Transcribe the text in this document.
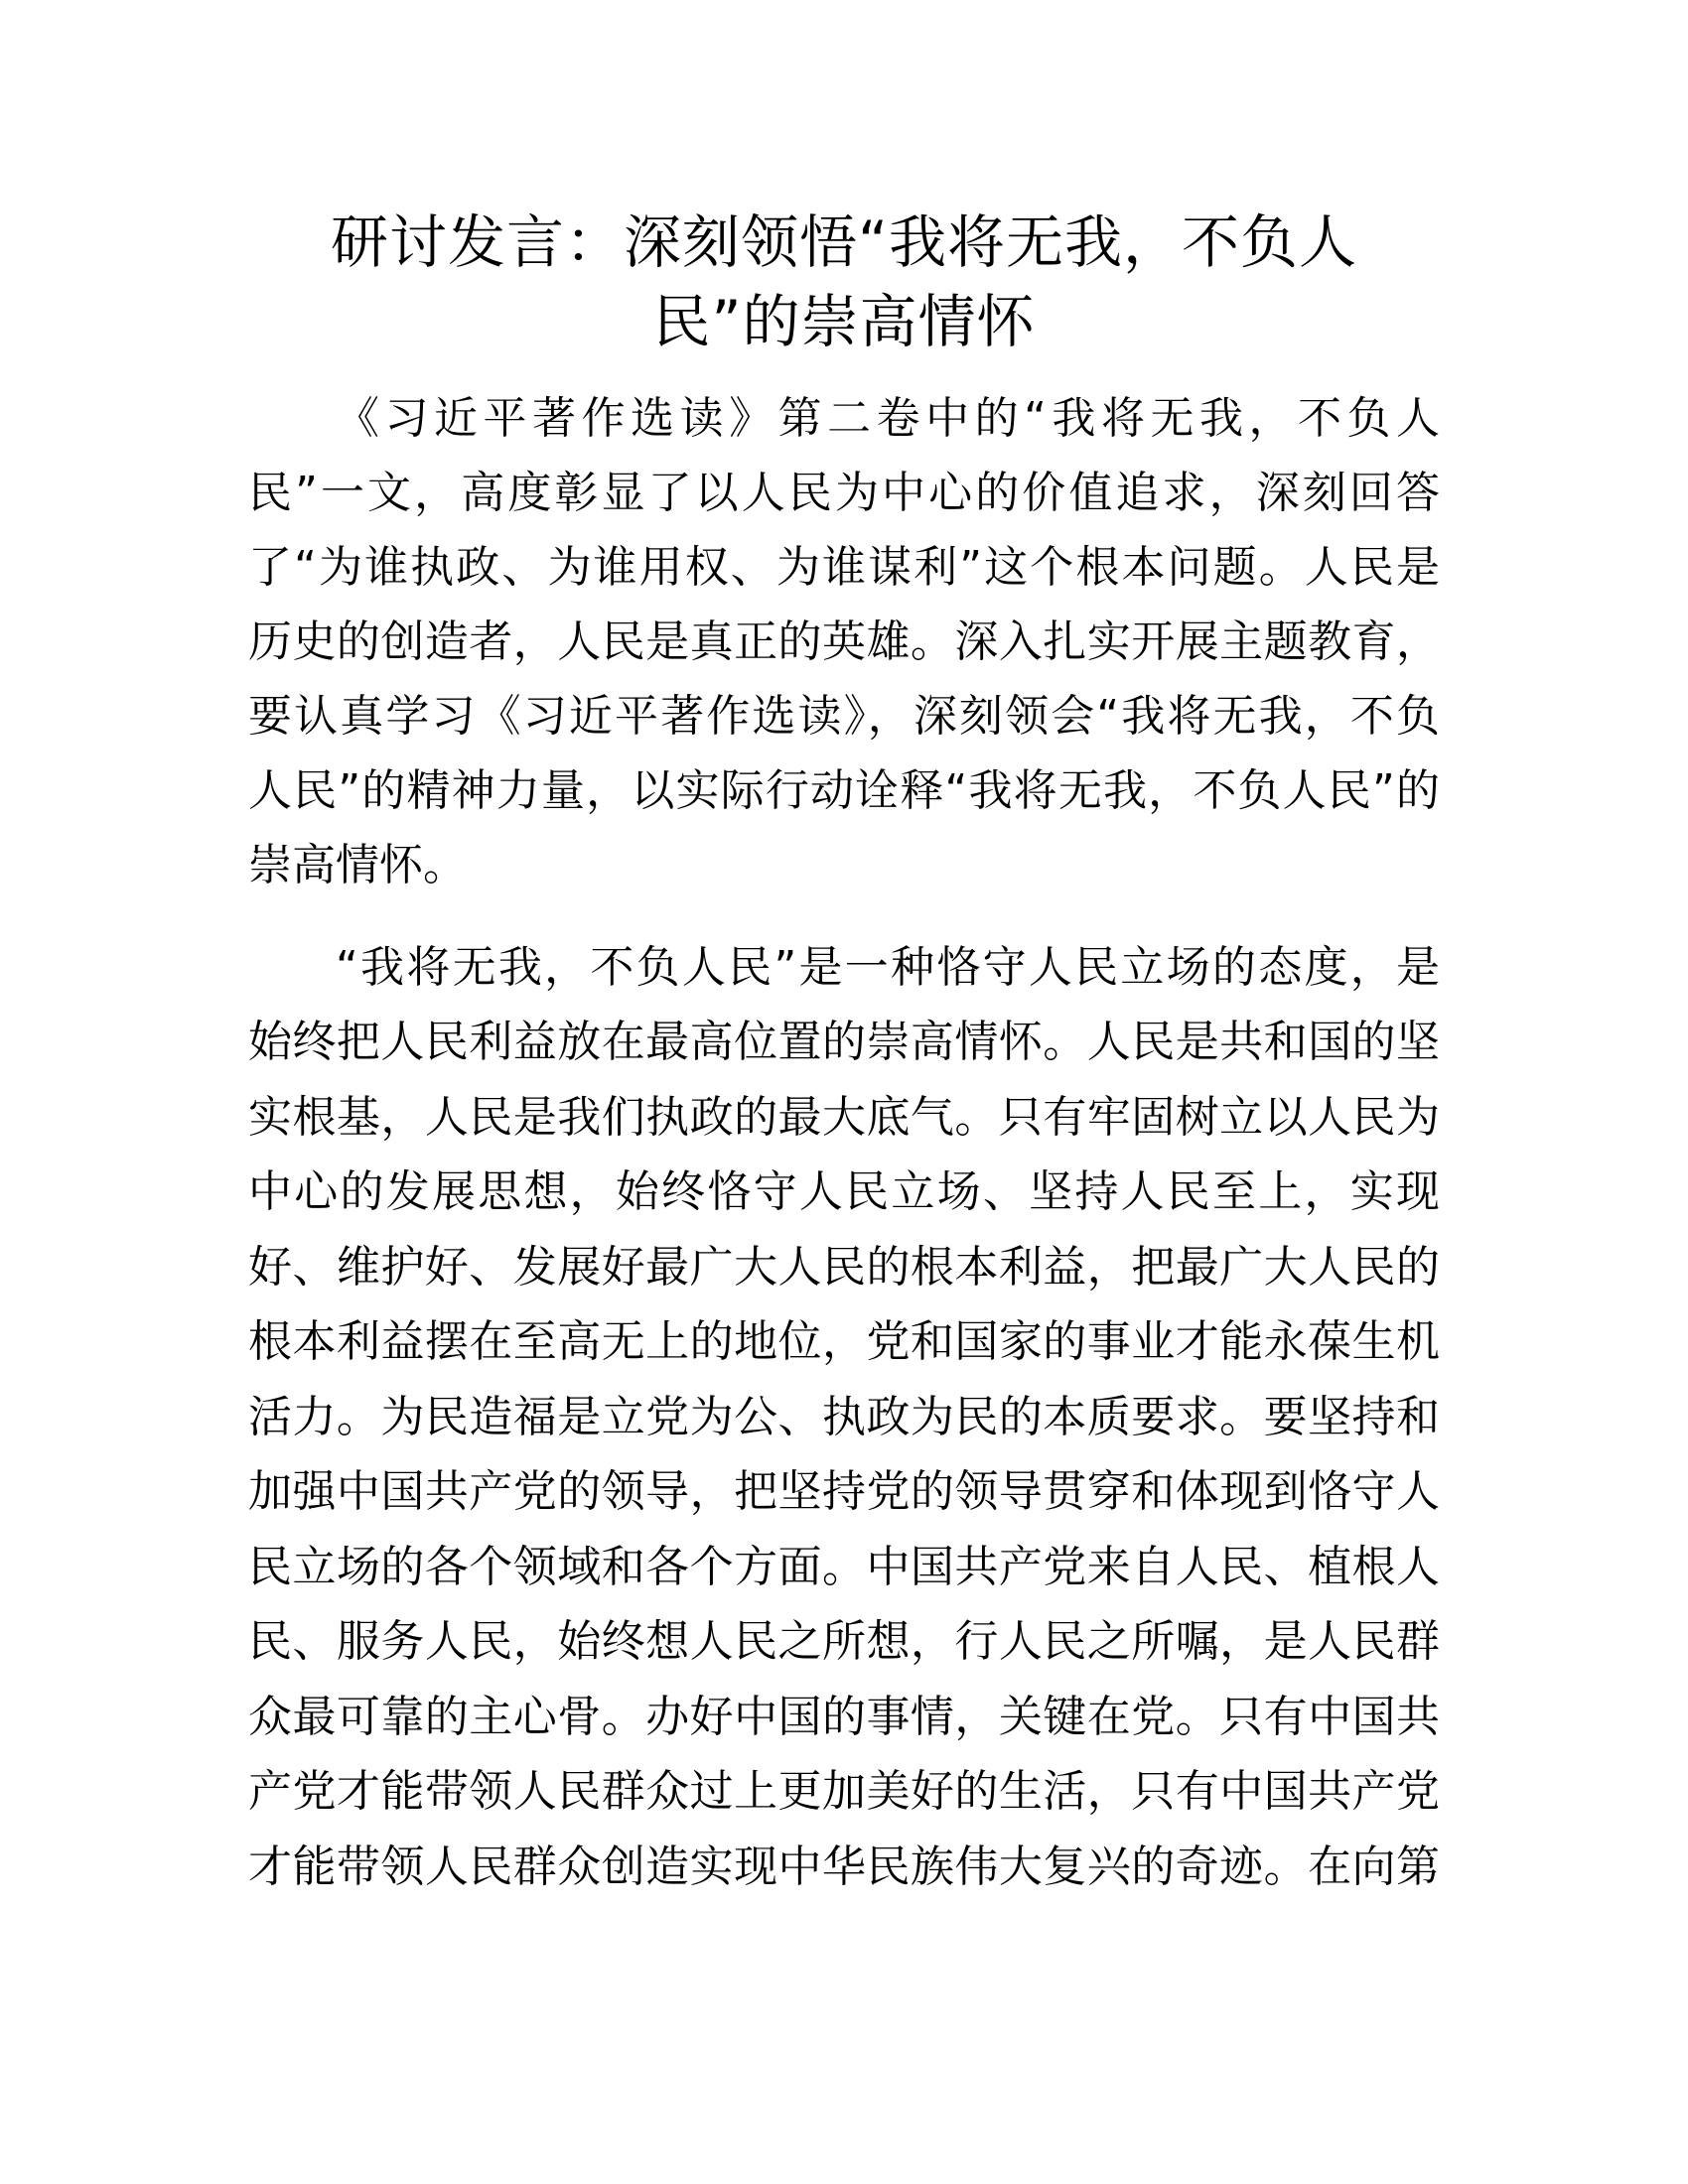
研讨发言：深刻领悟“我将无我，不负人
民”的崇高情怀
《习近平著作选读》第二卷中的“我将无我，不负人
民”一文，高度彰显了以人民为中心的价值追求，深刻回答
了“为谁执政、为谁用权、为谁谋利”这个根本问题。人民是
历史的创造者，人民是真正的英雄。深入扎实开展主题教育，
要认真学习《习近平著作选读》，深刻领会“我将无我，不负
人民”的精神力量，以实际行动诠释“我将无我，不负人民”的
崇高情怀。
“我将无我，不负人民”是一种恪守人民立场的态度，是
始终把人民利益放在最高位置的崇高情怀。人民是共和国的坚
实根基，人民是我们执政的最大底气。只有牢固树立以人民为
中心的发展思想，始终恪守人民立场、坚持人民至上，实现
好、维护好、发展好最广大人民的根本利益，把最广大人民的
根本利益摆在至高无上的地位，党和国家的事业才能永葆生机
活力。为民造福是立党为公、执政为民的本质要求。要坚持和
加强中国共产党的领导，把坚持党的领导贯穿和体现到恪守人
民立场的各个领域和各个方面。中国共产党来自人民、植根人
民、服务人民，始终想人民之所想，行人民之所嘱，是人民群
众最可靠的主心骨。办好中国的事情，关键在党。只有中国共
产党才能带领人民群众过上更加美好的生活，只有中国共产党
才能带领人民群众创造实现中华民族伟大复兴的奇迹。在向第
